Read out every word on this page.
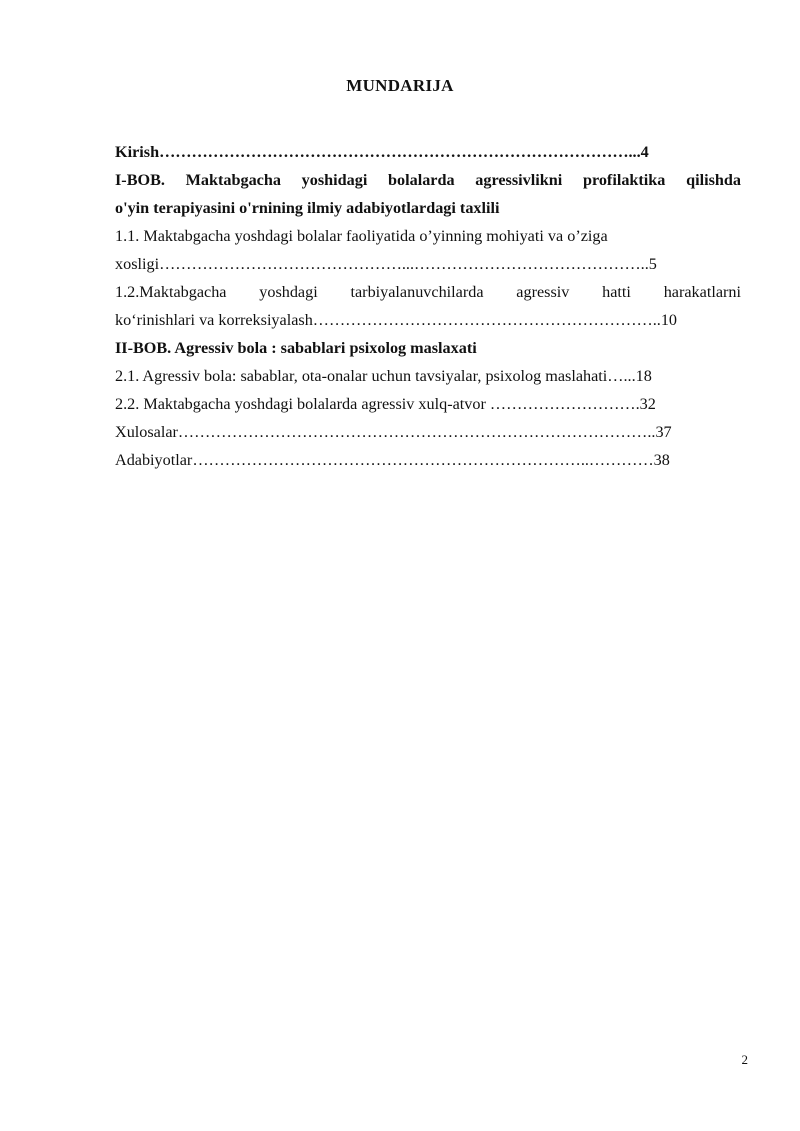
MUNDARIJA
Kirish……………………………………………………………………………...4
I-BOB. Maktabgacha yoshidagi bolalarda agressivlikni profilaktika qilishda
o'yin terapiyasini o'rnining ilmiy adabiyotlardagi taxlili
1.1. Maktabgacha yoshdagi bolalar faoliyatida o’yinning mohiyati va o’ziga
xosligi………………………………………...……………………………………..5
1.2.Maktabgacha yoshdagi tarbiyalanuvchilarda agressiv hatti harakatlarni
ko‘rinishlari va korreksiyalash………………………………………………………..10
II-BOB. Agressiv bola : sabablari psixolog maslaxati
2.1. Agressiv bola: sabablar, ota-onalar uchun tavsiyalar, psixolog maslahati…...18
2.2. Maktabgacha yoshdagi bolalarda agressiv xulq-atvor ……………………….32
Xulosalar……………………………………………………………………………..37
Adabiyotlar………………………………………………………………..…………38
2
